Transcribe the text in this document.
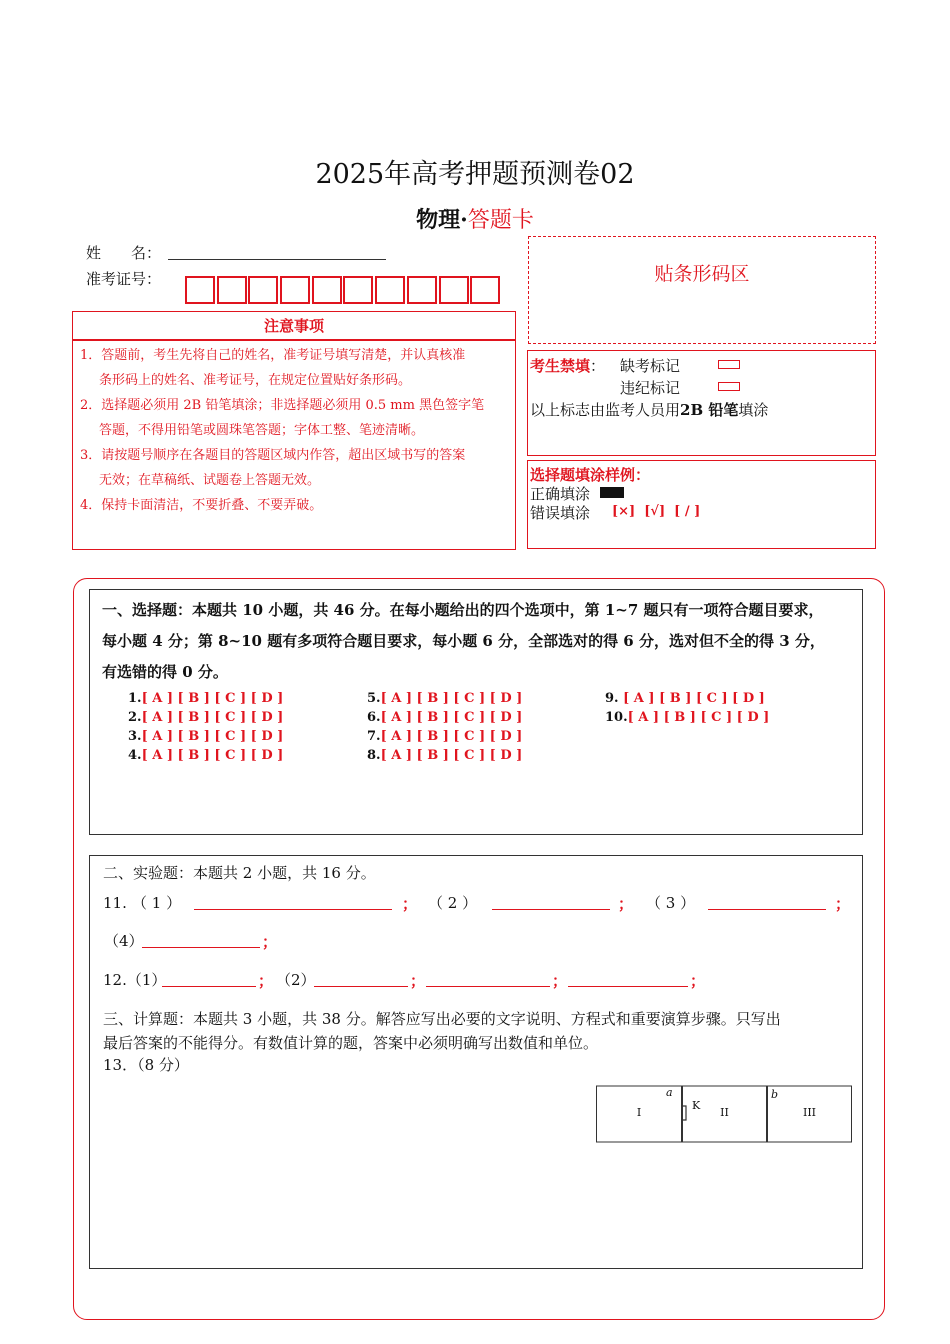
2025年高考押题预测卷02
物理·答题卡
姓　　名：
准考证号：	贴条形码区
注意事项
1．答题前，考生先将自己的姓名，准考证号填写清楚，并认真核准
条形码上的姓名、准考证号，在规定位置贴好条形码。
2．选择题必须用 2B 铅笔填涂；非选择题必须用 0.5 mm 黑色签字笔
答题，不得用铅笔或圆珠笔答题；字体工整、笔迹清晰。
3．请按题号顺序在各题目的答题区域内作答，超出区域书写的答案
无效；在草稿纸、试题卷上答题无效。
4．保持卡面清洁，不要折叠、不要弄破。
考生禁填： 缺考标记
违纪标记
以上标志由监考人员用2B 铅笔填涂
选择题填涂样例：
正确填涂
错误填涂 [×]  [√]  [ / ]
一、选择题：本题共 10 小题，共 46 分。在每小题给出的四个选项中，第 1~7 题只有一项符合题目要求，
每小题 4 分；第 8~10 题有多项符合题目要求，每小题 6 分，全部选对的得 6 分，选对但不全的得 3 分，
有选错的得 0 分。
1.[ A ] [ B ] [ C ] [ D ]
2.[ A ] [ B ] [ C ] [ D ]
3.[ A ] [ B ] [ C ] [ D ]
4.[ A ] [ B ] [ C ] [ D ]
5.[ A ] [ B ] [ C ] [ D ]
6.[ A ] [ B ] [ C ] [ D ]
7.[ A ] [ B ] [ C ] [ D ]
8.[ A ] [ B ] [ C ] [ D ]
9. [ A ] [ B ] [ C ] [ D ]
10.[ A ] [ B ] [ C ] [ D ]
二、实验题：本题共 2 小题，共 16 分。
11. （ 1 ）	； （ 2 ）	； （ 3 ）	；
（4）	；
12.（1）	； （2）	；	；	；
三、计算题：本题共 3 小题，共 38 分。解答应写出必要的文字说明、方程式和重要演算步骤。只写出
最后答案的不能得分。有数值计算的题，答案中必须明确写出数值和单位。
13．（8 分）
a
K
b
I	II	III
